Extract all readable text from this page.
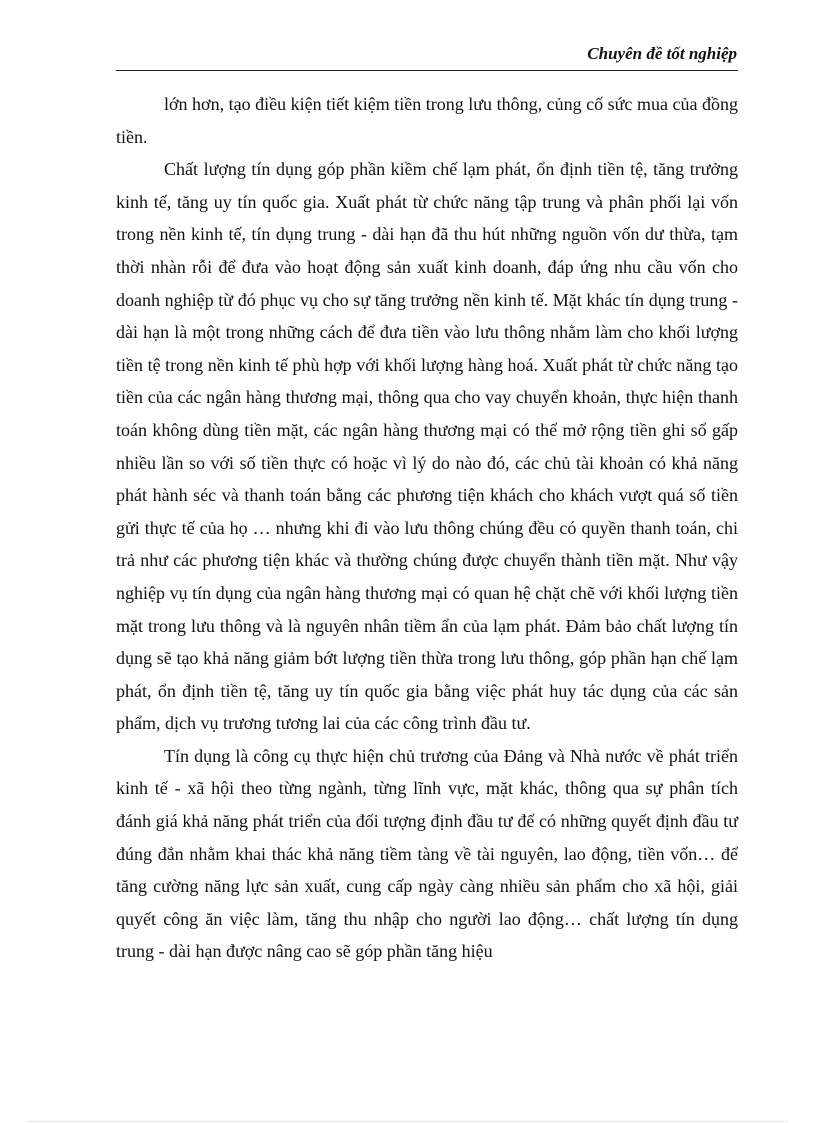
Chuyên đề tốt nghiệp

lớn hơn, tạo điều kiện tiết kiệm tiền trong lưu thông, củng cố sức mua của đồng tiền.

Chất lượng tín dụng góp phần kiềm chế lạm phát, ổn định tiền tệ, tăng trưởng kinh tế, tăng uy tín quốc gia. Xuất phát từ chức năng tập trung và phân phối lại vốn trong nền kinh tế, tín dụng trung - dài hạn đã thu hút những nguồn vốn dư thừa, tạm thời nhàn rỗi để đưa vào hoạt động sản xuất kinh doanh, đáp ứng nhu cầu vốn cho doanh nghiệp từ đó phục vụ cho sự tăng trưởng nền kinh tế. Mặt khác tín dụng trung - dài hạn là một trong những cách để đưa tiền vào lưu thông nhằm làm cho khối lượng tiền tệ trong nền kinh tế phù hợp với khối lượng hàng hoá. Xuất phát từ chức năng tạo tiền của các ngân hàng thương mại, thông qua cho vay chuyển khoản, thực hiện thanh toán không dùng tiền mặt, các ngân hàng thương mại có thể mở rộng tiền ghi sổ gấp nhiều lần so với số tiền thực có hoặc vì lý do nào đó, các chủ tài khoản có khả năng phát hành séc và thanh toán bằng các phương tiện khách cho khách vượt quá số tiền gửi thực tế của họ … nhưng khi đi vào lưu thông chúng đều có quyền thanh toán, chi trả như các phương tiện khác và thường chúng được chuyển thành tiền mặt. Như vậy nghiệp vụ tín dụng của ngân hàng thương mại có quan hệ chặt chẽ với khối lượng tiền mặt trong lưu thông và là nguyên nhân tiềm ẩn của lạm phát. Đảm bảo chất lượng tín dụng sẽ tạo khả năng giảm bớt lượng tiền thừa trong lưu thông, góp phần hạn chế lạm phát, ổn định tiền tệ, tăng uy tín quốc gia bằng việc phát huy tác dụng của các sản phẩm, dịch vụ trương tương lai của các công trình đầu tư.

Tín dụng là công cụ thực hiện chủ trương của Đảng và Nhà nước về phát triển kinh tế - xã hội theo từng ngành, từng lĩnh vực, mặt khác, thông qua sự phân tích đánh giá khả năng phát triển của đối tượng định đầu tư để có những quyết định đầu tư đúng đắn nhằm khai thác khả năng tiềm tàng về tài nguyên, lao động, tiền vốn… để tăng cường năng lực sản xuất, cung cấp ngày càng nhiều sản phẩm cho xã hội, giải quyết công ăn việc làm, tăng thu nhập cho người lao động… chất lượng tín dụng trung - dài hạn được nâng cao sẽ góp phần tăng hiệu
